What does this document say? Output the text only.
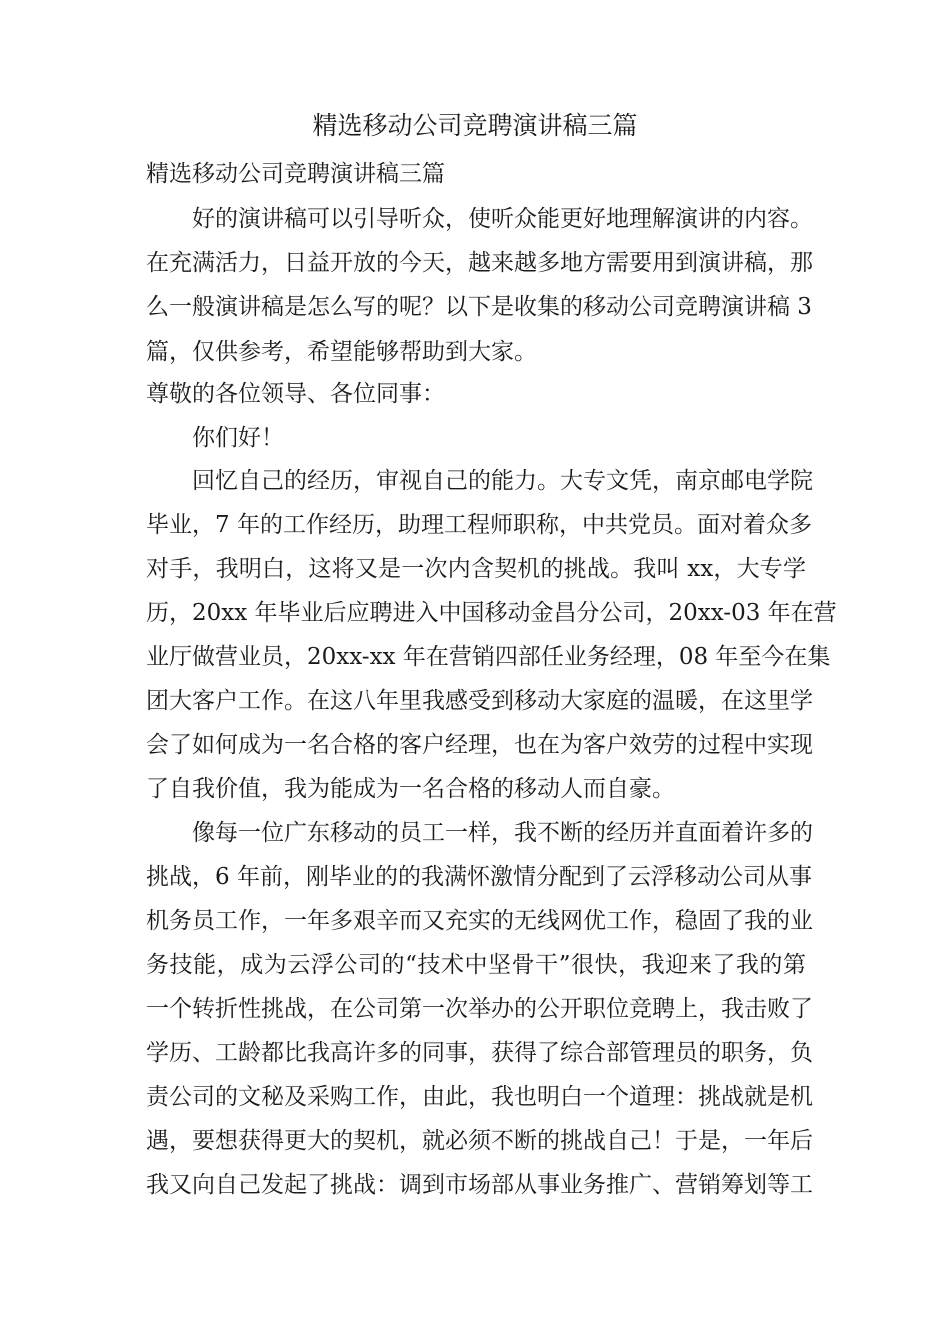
精选移动公司竞聘演讲稿三篇
精选移动公司竞聘演讲稿三篇
好的演讲稿可以引导听众，使听众能更好地理解演讲的内容。
在充满活力，日益开放的今天，越来越多地方需要用到演讲稿，那
么一般演讲稿是怎么写的呢？以下是收集的移动公司竞聘演讲稿 3
篇，仅供参考，希望能够帮助到大家。
尊敬的各位领导、各位同事：
你们好！
回忆自己的经历，审视自己的能力。大专文凭，南京邮电学院
毕业，7 年的工作经历，助理工程师职称，中共党员。面对着众多
对手，我明白，这将又是一次内含契机的挑战。我叫 xx，大专学
历，20xx 年毕业后应聘进入中国移动金昌分公司，20xx-03 年在营
业厅做营业员，20xx-xx 年在营销四部任业务经理，08 年至今在集
团大客户工作。在这八年里我感受到移动大家庭的温暖，在这里学
会了如何成为一名合格的客户经理，也在为客户效劳的过程中实现
了自我价值，我为能成为一名合格的移动人而自豪。
像每一位广东移动的员工一样，我不断的经历并直面着许多的
挑战，6 年前，刚毕业的的我满怀激情分配到了云浮移动公司从事
机务员工作，一年多艰辛而又充实的无线网优工作，稳固了我的业
务技能，成为云浮公司的“技术中坚骨干”很快，我迎来了我的第
一个转折性挑战，在公司第一次举办的公开职位竞聘上，我击败了
学历、工龄都比我高许多的同事，获得了综合部管理员的职务，负
责公司的文秘及采购工作，由此，我也明白一个道理：挑战就是机
遇，要想获得更大的契机，就必须不断的挑战自己！于是，一年后
我又向自己发起了挑战：调到市场部从事业务推广、营销筹划等工
